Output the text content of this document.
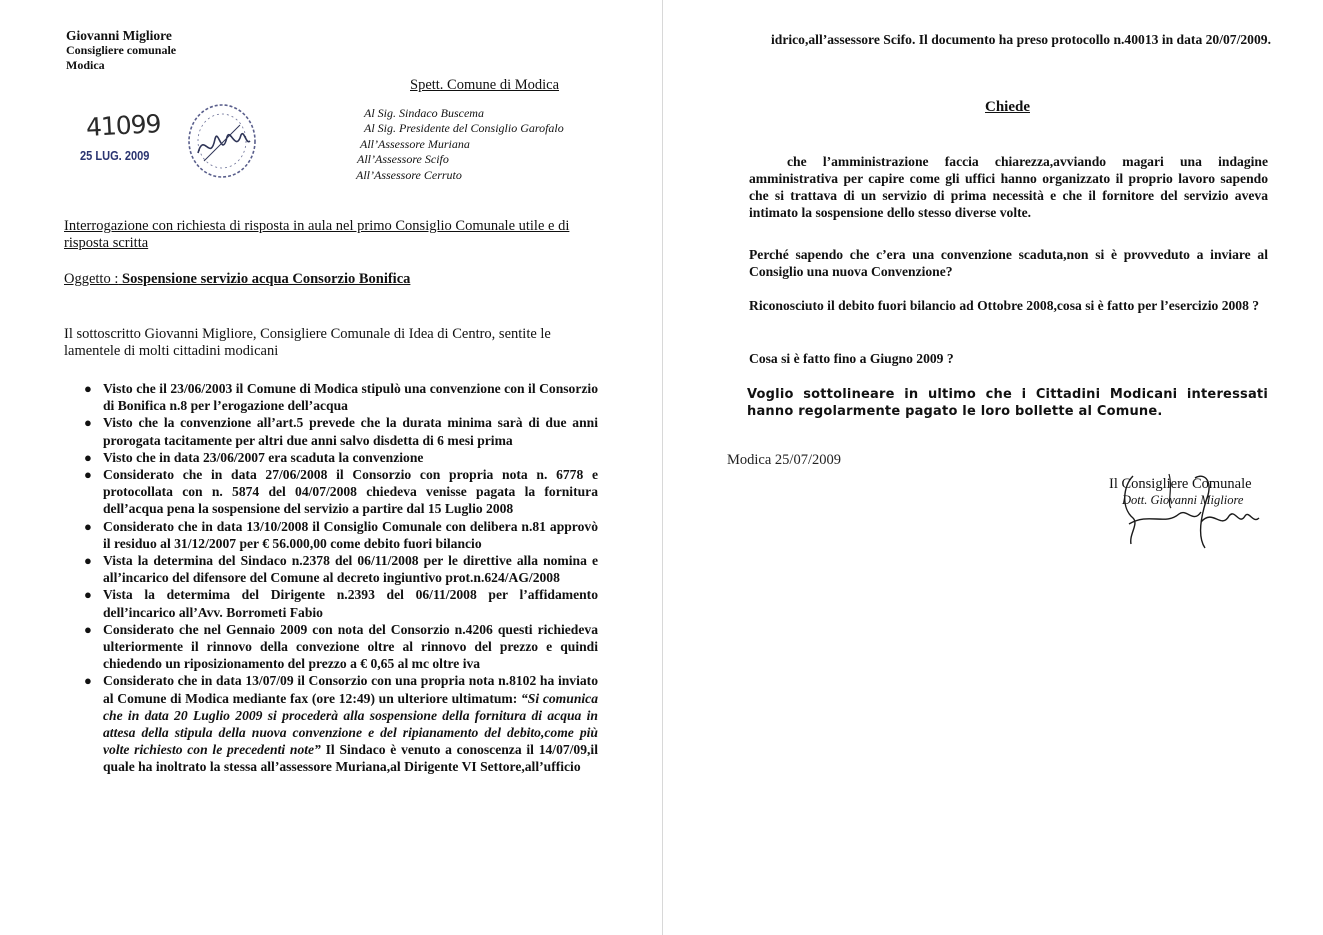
Giovanni Migliore
Consigliere comunale
Modica
41099
25 LUG. 2009
Spett. Comune di Modica
Al Sig. Sindaco Buscema
Al Sig. Presidente del Consiglio Garofalo
All’Assessore Muriana
All’Assessore Scifo
All’Assessore Cerruto
Interrogazione con richiesta di risposta in aula nel primo Consiglio Comunale utile e di risposta scritta
Oggetto : Sospensione servizio acqua Consorzio Bonifica
Il sottoscritto Giovanni Migliore, Consigliere Comunale di Idea di Centro, sentite le lamentele di molti cittadini modicani
● Visto che il 23/06/2003 il Comune di Modica stipulò una convenzione con il Consorzio di Bonifica n.8 per l’erogazione dell’acqua
● Visto che la convenzione all’art.5 prevede che la durata minima sarà di due anni prorogata tacitamente per altri due anni salvo disdetta di 6 mesi prima
● Visto che in data 23/06/2007 era scaduta la convenzione
● Considerato che in data 27/06/2008 il Consorzio con propria nota n. 6778 e protocollata con n. 5874 del 04/07/2008 chiedeva venisse pagata la fornitura dell’acqua pena la sospensione del servizio a partire dal 15 Luglio 2008
● Considerato che in data 13/10/2008 il Consiglio Comunale con delibera n.81 approvò il residuo al 31/12/2007 per € 56.000,00 come debito fuori bilancio
● Vista la determina del Sindaco n.2378 del 06/11/2008 per le direttive alla nomina e all’incarico del difensore del Comune al decreto ingiuntivo prot.n.624/AG/2008
● Vista la determima del Dirigente n.2393 del 06/11/2008 per l’affidamento dell’incarico all’Avv. Borrometi Fabio
● Considerato che nel Gennaio 2009 con nota del Consorzio n.4206 questi richiedeva ulteriormente il rinnovo della convezione oltre al rinnovo del prezzo e quindi chiedendo un riposizionamento del prezzo a € 0,65 al mc oltre iva
● Considerato che in data 13/07/09 il Consorzio con una propria nota n.8102 ha inviato al Comune di Modica mediante fax (ore 12:49) un ulteriore ultimatum: “Si comunica che in data 20 Luglio 2009 si procederà alla sospensione della fornitura di acqua in attesa della stipula della nuova convenzione e del ripianamento del debito,come più volte richiesto con le precedenti note” Il Sindaco è venuto a conoscenza il 14/07/09,il quale ha inoltrato la stessa all’assessore Muriana,al Dirigente VI Settore,all’ufficio
idrico,all’assessore Scifo. Il documento ha preso protocollo n.40013 in data 20/07/2009.
Chiede
che l’amministrazione faccia chiarezza,avviando magari una indagine amministrativa per capire come gli uffici hanno organizzato il proprio lavoro sapendo che si trattava di un servizio di prima necessità e che il fornitore del servizio aveva intimato la sospensione dello stesso diverse volte.
Perché sapendo che c’era una convenzione scaduta,non si è provveduto a inviare al Consiglio una nuova Convenzione?
Riconosciuto il debito fuori bilancio ad Ottobre 2008,cosa si è fatto per l’esercizio 2008 ?
Cosa si è fatto fino a Giugno 2009 ?
Voglio sottolineare in ultimo che i Cittadini Modicani interessati hanno regolarmente pagato le loro bollette al Comune.
Modica 25/07/2009
Il Consigliere Comunale
Dott. Giovanni Migliore
